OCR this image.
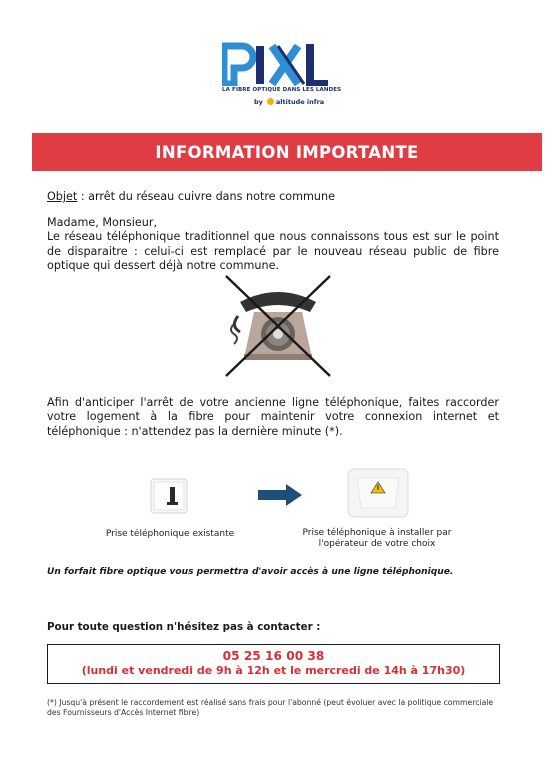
LA FIBRE OPTIQUE DANS LES LANDES
by altitude infra
INFORMATION IMPORTANTE
Objet : arrêt du réseau cuivre dans notre commune
Madame, Monsieur,
Le réseau téléphonique traditionnel que nous connaissons tous est sur le point de disparaitre : celui-ci est remplacé par le nouveau réseau public de fibre optique qui dessert déjà notre commune.
Afin d'anticiper l'arrêt de votre ancienne ligne téléphonique, faites raccorder votre logement à la fibre pour maintenir votre connexion internet et téléphonique : n'attendez pas la dernière minute (*).
Prise téléphonique existante	Prise téléphonique à installer par l'opérateur de votre choix
Un forfait fibre optique vous permettra d'avoir accès à une ligne téléphonique.
Pour toute question n'hésitez pas à contacter :
05 25 16 00 38
(lundi et vendredi de 9h à 12h et le mercredi de 14h à 17h30)
(*) Jusqu'à présent le raccordement est réalisé sans frais pour l'abonné (peut évoluer avec la politique commerciale des Fournisseurs d'Accès Internet fibre)
